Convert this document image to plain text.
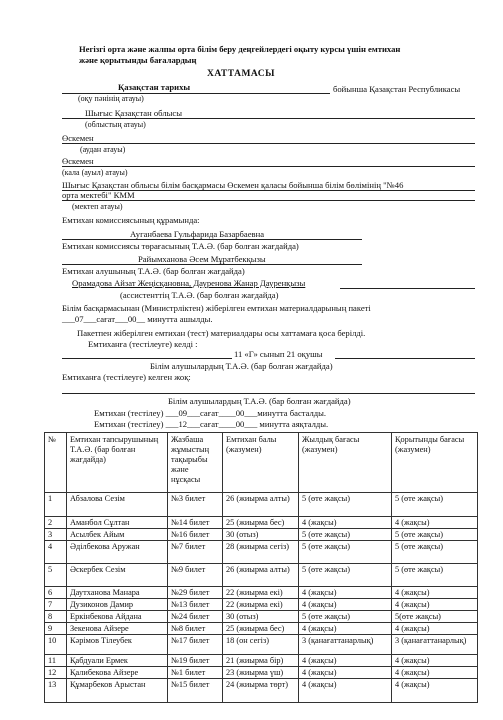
Негізгі орта және жалпы орта білім беру деңгейлердегі оқыту курсы үшін емтихан
және қорытынды бағалардың
ХАТТАМАСЫ
Қазақстан тарихы	бойынша Қазақстан Республикасы
(оқу пәнінің атауы)
Шығыс Қазақстан облысы
(облыстың атауы)
Өскемен
(аудан атауы)
Өскемен
(кала (ауыл) атауы)
Шығыс Қазақстан облысы білім басқармасы Өскемен қаласы бойынша білім бөлімінің "№46
орта мектебі" КММ
(мектеп атауы)
Емтихан комиссиясының құрамында:
Ауганбаева Гульфарида Базарбаевна
Емтихан комиссиясы төрағасының Т.А.Ә. (бар болған жағдайда)
Райымханова Әсем Мұратбекқызы
Емтихан алушының Т.А.Ә. (бар болған жағдайда)
Орамадова Айзат Жеңісқановна, Дауренова Жанар Дауренқызы
(ассистенттің Т.А.Ә. (бар болған жағдайда)
Білім басқармасынан (Министрліктен) жіберілген емтихан материалдарының пакеті
___07___сағат___00__ минутта ашылды.
Пакетпен жіберілген емтихан (тест) материалдары осы хаттамаға қоса берілді.
Емтиханға (тестілеуге) келді :
11 «Г» сынып 21 оқушы
Білім алушылардың Т.А.Ә. (бар болған жағдайда)
Емтиханға (тестілеуге) келген жоқ:
Білім алушылардың Т.А.Ә. (бар болған жағдайда)
Емтихан (тестілеу) ___09___сағат____00___минутта басталды.
Емтихан (тестілеу) ___12___сағат____00___ минутта аяқталды.
№	Емтихан тапсырушының Т.А.Ә. (бар болған жағдайда)	Жазбаша жұмыстың тақырыбы және нұсқасы	Емтихан балы (жазумен)	Жылдық бағасы (жазумен)	Қорытынды бағасы (жазумен)
1	Абзалова Сезім	№3 билет	26 (жиырма алты)	5 (өте жақсы)	5 (өте жақсы)
2	Аманбол Сұлтан	№14 билет	25 (жиырма бес)	4 (жақсы)	4 (жақсы)
3	Асылбек Айым	№16 билет	30 (отыз)	5 (өте жақсы)	5 (өте жақсы)
4	Әділбекова Аружан	№7 билет	28 (жиырма сегіз)	5 (өте жақсы)	5 (өте жақсы)
5	Әскербек Сезім	№9 билет	26 (жиырма алты)	5 (өте жақсы)	5 (өте жақсы)
6	Даутханова Манара	№29 билет	22 (жиырма екі)	4 (жақсы)	4 (жақсы)
7	Дузиконов Дамир	№13 билет	22 (жиырма екі)	4 (жақсы)	4 (жақсы)
8	Еркінбекова Айдана	№24 билет	30 (отыз)	5 (өте жақсы)	5(өте жақсы)
9	Зекенова Айзере	№8 билет	25 (жиырма бес)	4 (жақсы)	4 (жақсы)
10	Кәрімов Тілеубек	№17 билет	18 (он сегіз)	3 (қанағаттанарлық)	3 (қанағаттанарлық)
11	Қабдуали Ермек	№19 билет	21 (жиырма бір)	4 (жақсы)	4 (жақсы)
12	Қалибекова Айзере	№1 билет	23 (жиырма үш)	4 (жақсы)	4 (жақсы)
13	Құмарбеков Арыстан	№15 билет	24 (жиырма төрт)	4 (жақсы)	4 (жақсы)
